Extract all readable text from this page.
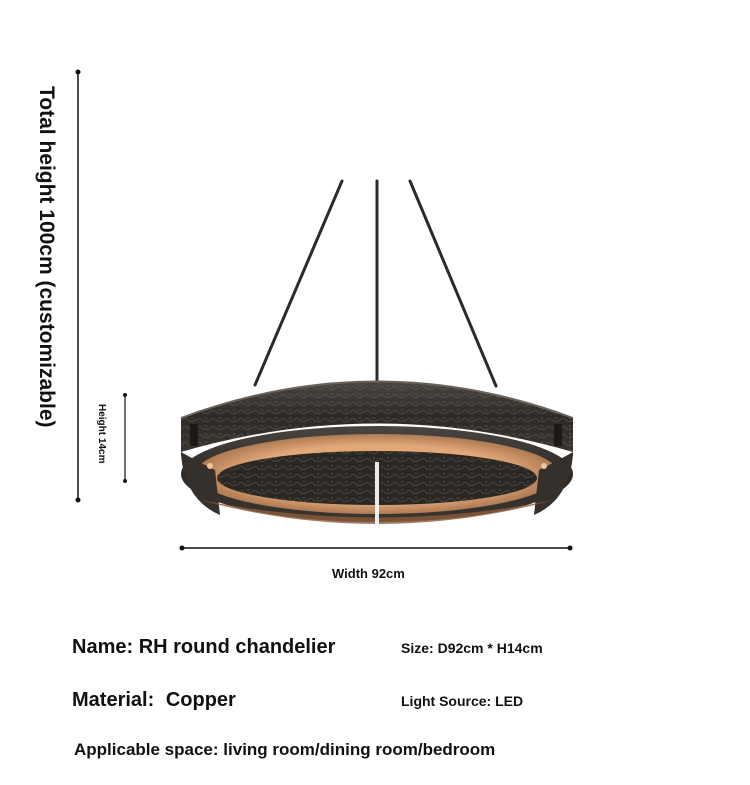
Total height 100cm (customizable)
Height 14cm
Width 92cm
Name: RH round chandelier	Size: D92cm * H14cm
Material: Copper	Light Source: LED
Applicable space: living room/dining room/bedroom
